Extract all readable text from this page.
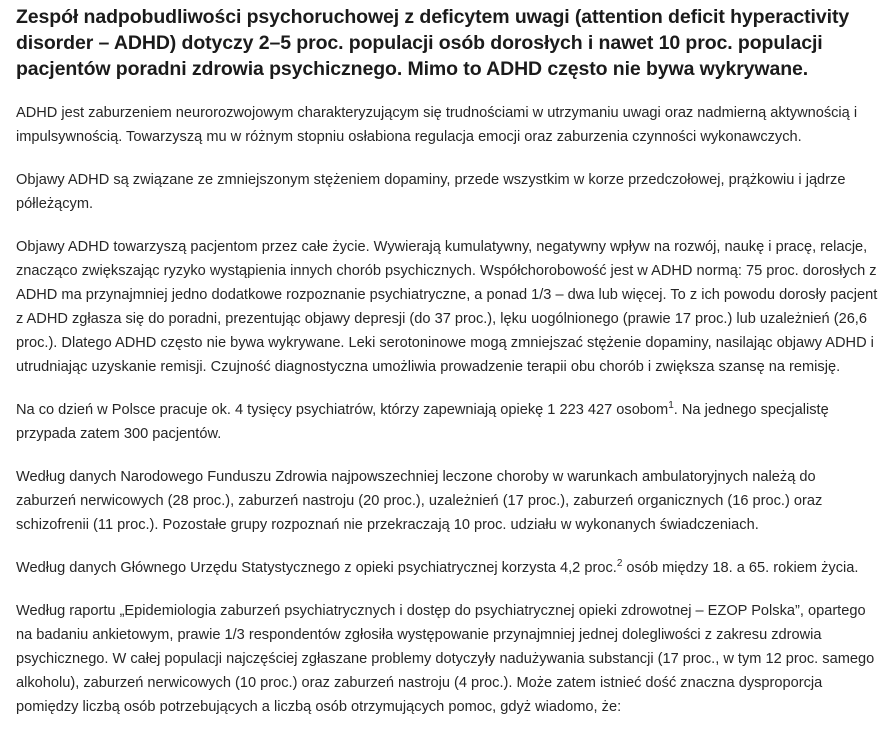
Zespół nadpobudliwości psychoruchowej z deficytem uwagi (attention deficit hyperactivity disorder – ADHD) dotyczy 2–5 proc. populacji osób dorosłych i nawet 10 proc. populacji pacjentów poradni zdrowia psychicznego. Mimo to ADHD często nie bywa wykrywane.

ADHD jest zaburzeniem neurorozwojowym charakteryzującym się trudnościami w utrzymaniu uwagi oraz nadmierną aktywnością i impulsywnością. Towarzyszą mu w różnym stopniu osłabiona regulacja emocji oraz zaburzenia czynności wykonawczych.

Objawy ADHD są związane ze zmniejszonym stężeniem dopaminy, przede wszystkim w korze przedczołowej, prążkowiu i jądrze półleżącym.

Objawy ADHD towarzyszą pacjentom przez całe życie. Wywierają kumulatywny, negatywny wpływ na rozwój, naukę i pracę, relacje, znacząco zwiększając ryzyko wystąpienia innych chorób psychicznych. Współchorobowość jest w ADHD normą: 75 proc. dorosłych z ADHD ma przynajmniej jedno dodatkowe rozpoznanie psychiatryczne, a ponad 1/3 – dwa lub więcej. To z ich powodu dorosły pacjent z ADHD zgłasza się do poradni, prezentując objawy depresji (do 37 proc.), lęku uogólnionego (prawie 17 proc.) lub uzależnień (26,6 proc.). Dlatego ADHD często nie bywa wykrywane. Leki serotoninowe mogą zmniejszać stężenie dopaminy, nasilając objawy ADHD i utrudniając uzyskanie remisji. Czujność diagnostyczna umożliwia prowadzenie terapii obu chorób i zwiększa szansę na remisję.

Na co dzień w Polsce pracuje ok. 4 tysięcy psychiatrów, którzy zapewniają opiekę 1 223 427 osobom$^1$. Na jednego specjalistę przypada zatem 300 pacjentów.

Według danych Narodowego Funduszu Zdrowia najpowszechniej leczone choroby w warunkach ambulatoryjnych należą do zaburzeń nerwicowych (28 proc.), zaburzeń nastroju (20 proc.), uzależnień (17 proc.), zaburzeń organicznych (16 proc.) oraz schizofrenii (11 proc.). Pozostałe grupy rozpoznań nie przekraczają 10 proc. udziału w wykonanych świadczeniach.

Według danych Głównego Urzędu Statystycznego z opieki psychiatrycznej korzysta 4,2 proc.$^2$ osób między 18. a 65. rokiem życia.

Według raportu „Epidemiologia zaburzeń psychiatrycznych i dostęp do psychiatrycznej opieki zdrowotnej – EZOP Polska”, opartego na badaniu ankietowym, prawie 1/3 respondentów zgłosiła występowanie przynajmniej jednej dolegliwości z zakresu zdrowia psychicznego. W całej populacji najczęściej zgłaszane problemy dotyczyły nadużywania substancji (17 proc., w tym 12 proc. samego alkoholu), zaburzeń nerwicowych (10 proc.) oraz zaburzeń nastroju (4 proc.). Może zatem istnieć dość znaczna dysproporcja pomiędzy liczbą osób potrzebujących a liczbą osób otrzymujących pomoc, gdyż wiadomo, że:
